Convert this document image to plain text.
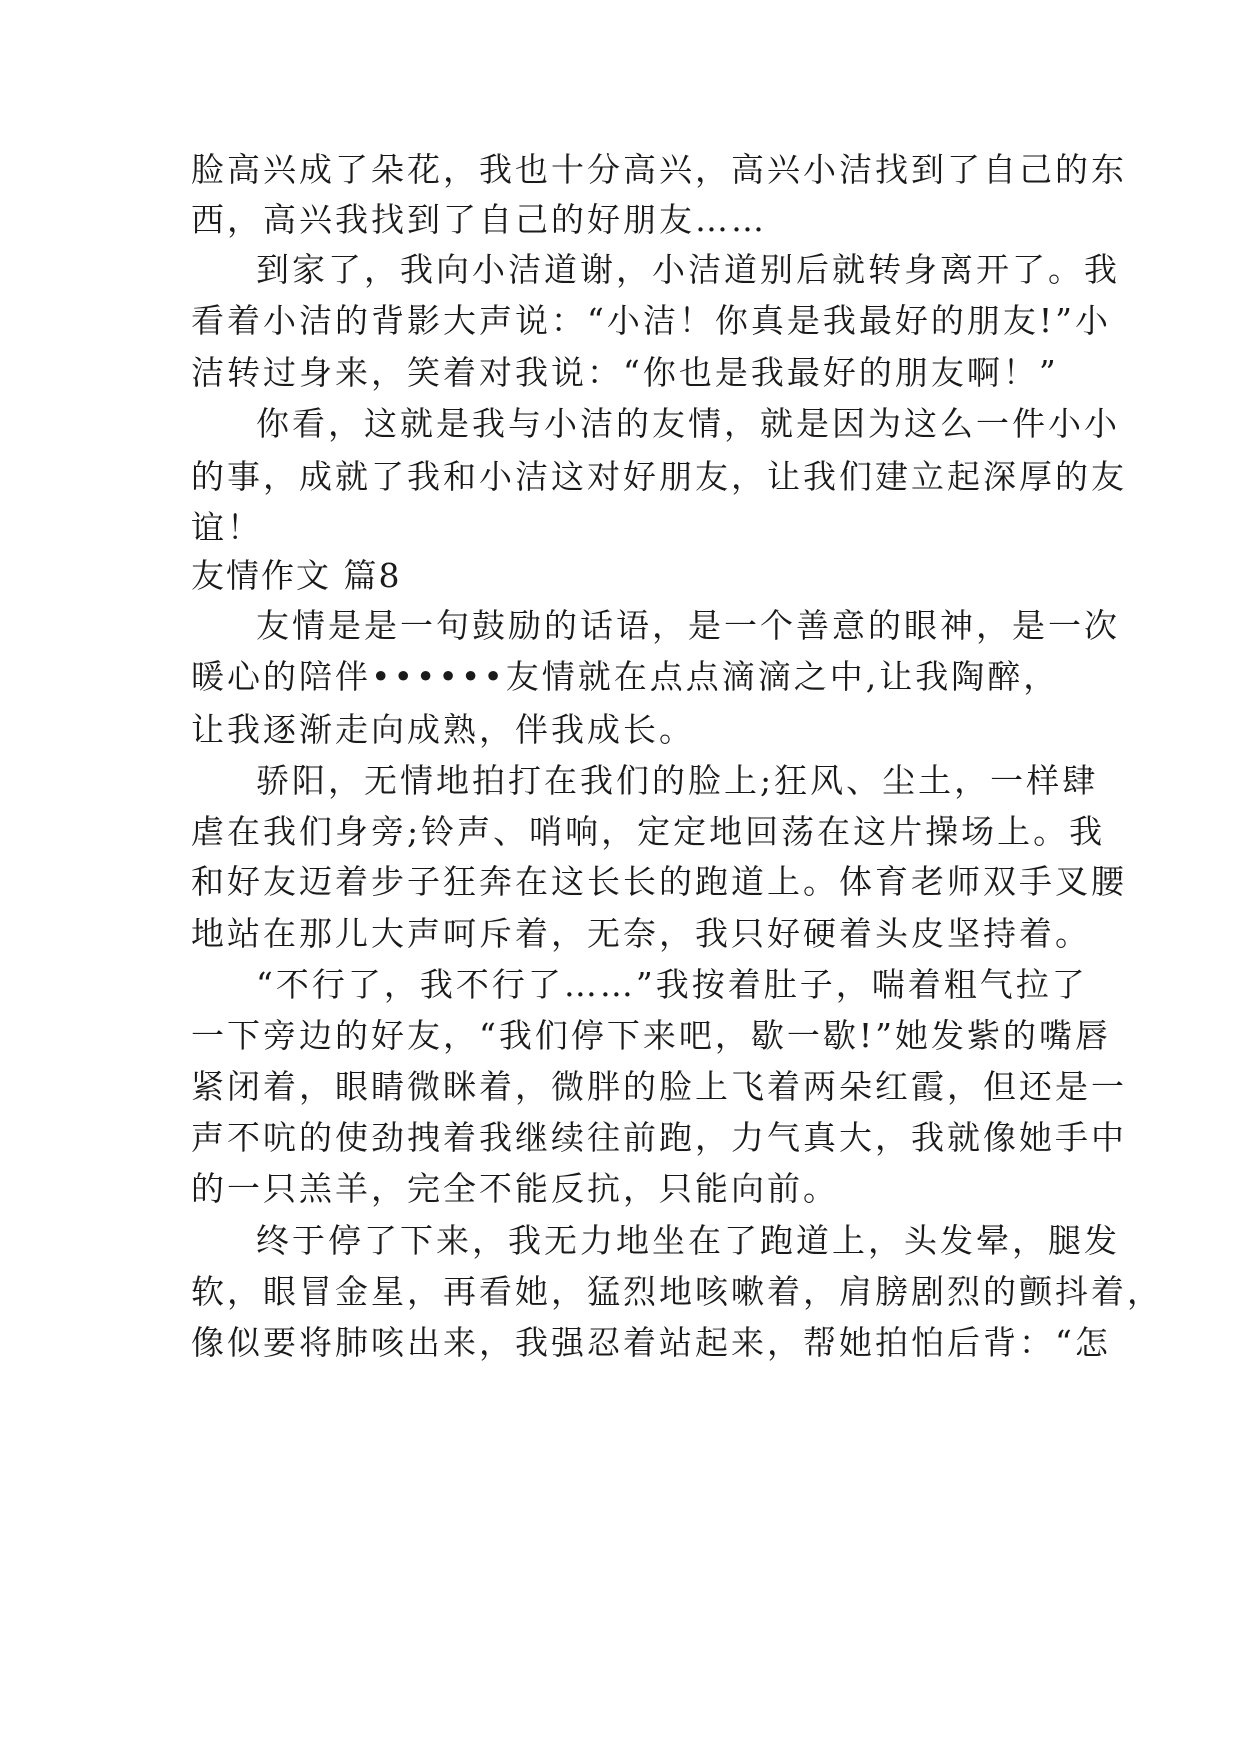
脸高兴成了朵花，我也十分高兴，高兴小洁找到了自己的东
西，高兴我找到了自己的好朋友……
到家了，我向小洁道谢，小洁道别后就转身离开了。我
看着小洁的背影大声说：“小洁！你真是我最好的朋友!”小
洁转过身来，笑着对我说：“你也是我最好的朋友啊！”
你看，这就是我与小洁的友情，就是因为这么一件小小
的事，成就了我和小洁这对好朋友，让我们建立起深厚的友
谊！
友情作文 篇8
友情是是一句鼓励的话语，是一个善意的眼神，是一次
暖心的陪伴••••••友情就在点点滴滴之中,让我陶醉，
让我逐渐走向成熟，伴我成长。
骄阳，无情地拍打在我们的脸上;狂风、尘土，一样肆
虐在我们身旁;铃声、哨响，定定地回荡在这片操场上。我
和好友迈着步子狂奔在这长长的跑道上。体育老师双手叉腰
地站在那儿大声呵斥着，无奈，我只好硬着头皮坚持着。
“不行了，我不行了……”我按着肚子，喘着粗气拉了
一下旁边的好友，“我们停下来吧，歇一歇!”她发紫的嘴唇
紧闭着，眼睛微眯着，微胖的脸上飞着两朵红霞，但还是一
声不吭的使劲拽着我继续往前跑，力气真大，我就像她手中
的一只羔羊，完全不能反抗，只能向前。
终于停了下来，我无力地坐在了跑道上，头发晕，腿发
软，眼冒金星，再看她，猛烈地咳嗽着，肩膀剧烈的颤抖着，
像似要将肺咳出来，我强忍着站起来，帮她拍怕后背：“怎
